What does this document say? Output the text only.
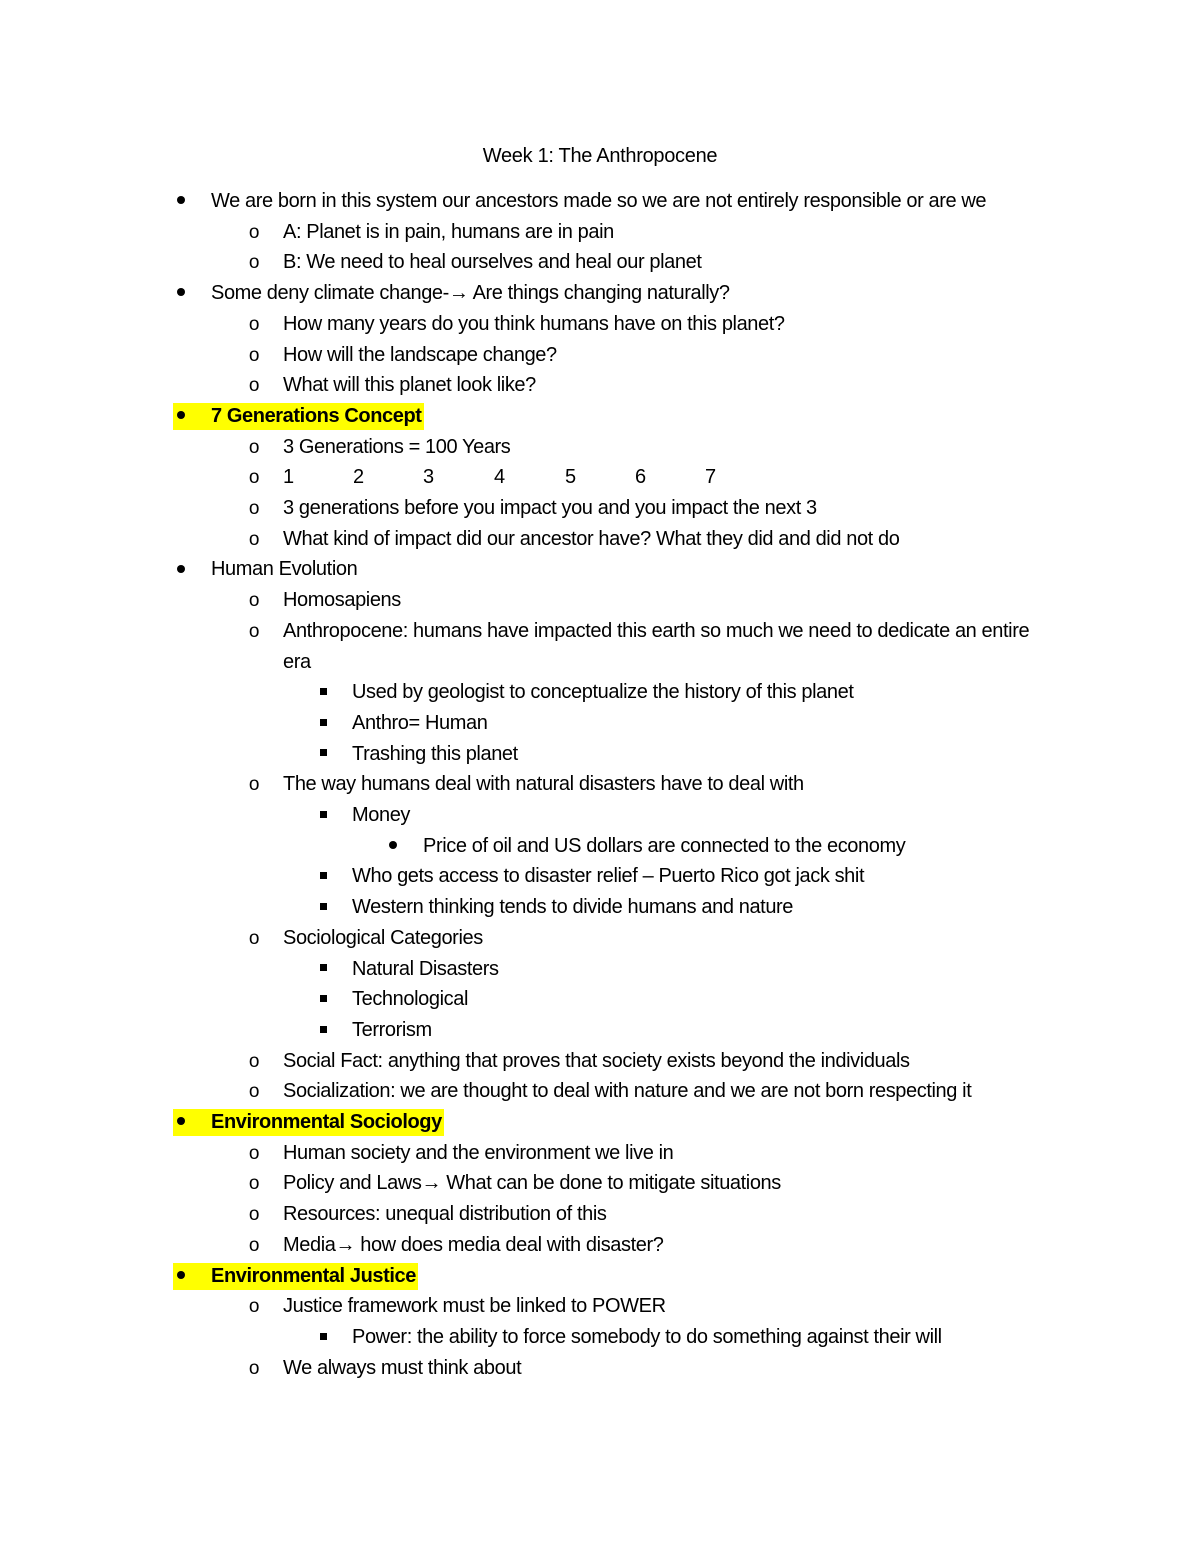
Week 1: The Anthropocene
We are born in this system our ancestors made so we are not entirely responsible or are we
o A: Planet is in pain, humans are in pain
o B: We need to heal ourselves and heal our planet
Some deny climate change-→ Are things changing naturally?
o How many years do you think humans have on this planet?
o How will the landscape change?
o What will this planet look like?
7 Generations Concept
o 3 Generations = 100 Years
o 1	2	3	4	5	6	7
o 3 generations before you impact you and you impact the next 3
o What kind of impact did our ancestor have? What they did and did not do
Human Evolution
o Homosapiens
o Anthropocene: humans have impacted this earth so much we need to dedicate an entire
era
Used by geologist to conceptualize the history of this planet
Anthro= Human
Trashing this planet
o The way humans deal with natural disasters have to deal with
Money
Price of oil and US dollars are connected to the economy
Who gets access to disaster relief – Puerto Rico got jack shit
Western thinking tends to divide humans and nature
o Sociological Categories
Natural Disasters
Technological
Terrorism
o Social Fact: anything that proves that society exists beyond the individuals
o Socialization: we are thought to deal with nature and we are not born respecting it
Environmental Sociology
o Human society and the environment we live in
o Policy and Laws→ What can be done to mitigate situations
o Resources: unequal distribution of this
o Media→ how does media deal with disaster?
Environmental Justice
o Justice framework must be linked to POWER
Power: the ability to force somebody to do something against their will
o We always must think about
